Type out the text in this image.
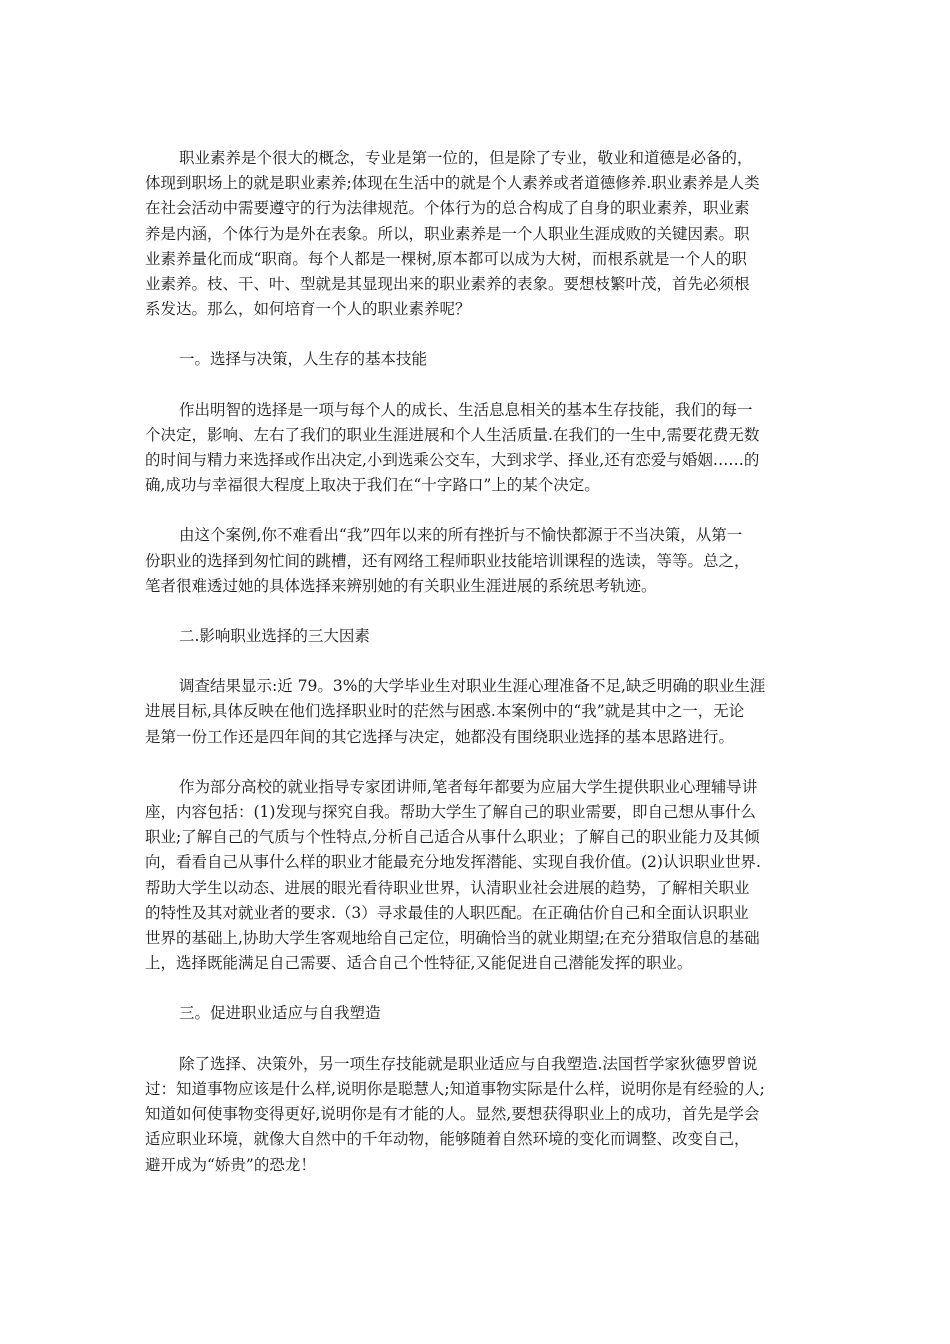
职业素养是个很大的概念，专业是第一位的，但是除了专业，敬业和道德是必备的，
体现到职场上的就是职业素养;体现在生活中的就是个人素养或者道德修养.职业素养是人类
在社会活动中需要遵守的行为法律规范。个体行为的总合构成了自身的职业素养，职业素
养是内涵，个体行为是外在表象。所以，职业素养是一个人职业生涯成败的关键因素。职
业素养量化而成“职商。每个人都是一棵树,原本都可以成为大树，而根系就是一个人的职
业素养。枝、干、叶、型就是其显现出来的职业素养的表象。要想枝繁叶茂，首先必须根
系发达。那么，如何培育一个人的职业素养呢？

一。选择与决策，人生存的基本技能

作出明智的选择是一项与每个人的成长、生活息息相关的基本生存技能，我们的每一
个决定，影响、左右了我们的职业生涯进展和个人生活质量.在我们的一生中,需要花费无数
的时间与精力来选择或作出决定,小到选乘公交车，大到求学、择业,还有恋爱与婚姻……的
确,成功与幸福很大程度上取决于我们在“十字路口”上的某个决定。

由这个案例,你不难看出“我”四年以来的所有挫折与不愉快都源于不当决策，从第一
份职业的选择到匆忙间的跳槽，还有网络工程师职业技能培训课程的选读，等等。总之，
笔者很难透过她的具体选择来辨别她的有关职业生涯进展的系统思考轨迹。

二.影响职业选择的三大因素

调查结果显示:近 79。3%的大学毕业生对职业生涯心理准备不足,缺乏明确的职业生涯
进展目标,具体反映在他们选择职业时的茫然与困惑.本案例中的“我”就是其中之一，无论
是第一份工作还是四年间的其它选择与决定，她都没有围绕职业选择的基本思路进行。

作为部分高校的就业指导专家团讲师,笔者每年都要为应届大学生提供职业心理辅导讲
座，内容包括：(1)发现与探究自我。帮助大学生了解自己的职业需要，即自己想从事什么
职业;了解自己的气质与个性特点,分析自己适合从事什么职业；了解自己的职业能力及其倾
向，看看自己从事什么样的职业才能最充分地发挥潜能、实现自我价值。(2)认识职业世界.
帮助大学生以动态、进展的眼光看待职业世界，认清职业社会进展的趋势，了解相关职业
的特性及其对就业者的要求.（3）寻求最佳的人职匹配。在正确估价自己和全面认识职业
世界的基础上,协助大学生客观地给自己定位，明确恰当的就业期望;在充分猎取信息的基础
上，选择既能满足自己需要、适合自己个性特征,又能促进自己潜能发挥的职业。

三。促进职业适应与自我塑造

除了选择、决策外，另一项生存技能就是职业适应与自我塑造.法国哲学家狄德罗曾说
过：知道事物应该是什么样,说明你是聪慧人;知道事物实际是什么样，说明你是有经验的人;
知道如何使事物变得更好,说明你是有才能的人。显然,要想获得职业上的成功，首先是学会
适应职业环境，就像大自然中的千年动物，能够随着自然环境的变化而调整、改变自己，
避开成为“娇贵”的恐龙！
